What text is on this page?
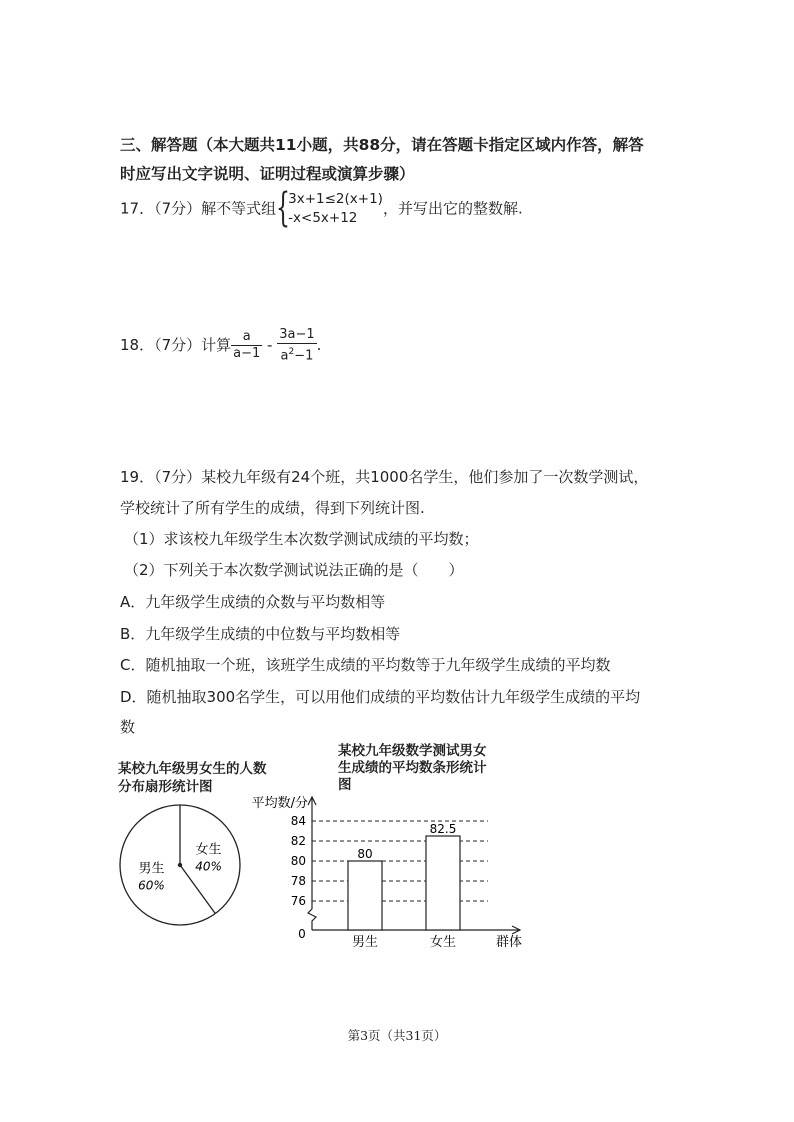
三、解答题（本大题共11小题，共88分，请在答题卡指定区域内作答，解答
时应写出文字说明、证明过程或演算步骤）
17．（7分）解不等式组 {
3x+1≤2(x+1)
-x<5x+12
，并写出它的整数解.
18．（7分）计算 $\frac{a}{a-1} - \frac{3a-1}{a^2-1}$ .
19．（7分）某校九年级有24个班，共1000名学生，他们参加了一次数学测试，
学校统计了所有学生的成绩，得到下列统计图.
（1）求该校九年级学生本次数学测试成绩的平均数；
（2）下列关于本次数学测试说法正确的是（　　）
A．九年级学生成绩的众数与平均数相等
B．九年级学生成绩的中位数与平均数相等
C．随机抽取一个班，该班学生成绩的平均数等于九年级学生成绩的平均数
D．随机抽取300名学生，可以用他们成绩的平均数估计九年级学生成绩的平均
数
某校九年级男女生的人数
分布扇形统计图
某校九年级数学测试男女
生成绩的平均数条形统计
图
男生
60%
女生
40%
76
78
80
82
84
80
男生
82.5
女生
平均数/分
群体
0
第3页（共31页）
